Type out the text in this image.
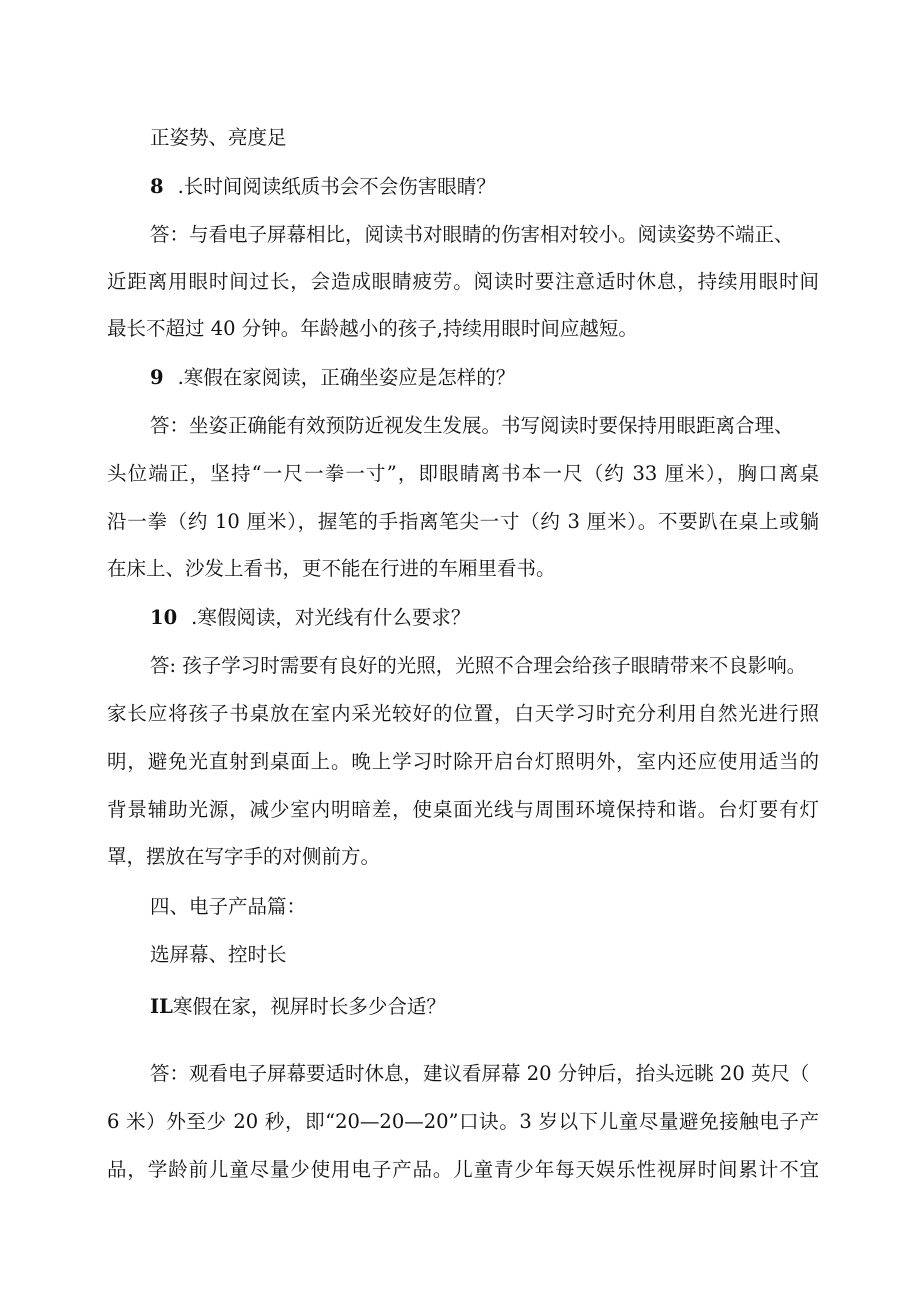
正姿势、亮度足
8 .长时间阅读纸质书会不会伤害眼睛？
答：与看电子屏幕相比，阅读书对眼睛的伤害相对较小。阅读姿势不端正、
近距离用眼时间过长，会造成眼睛疲劳。阅读时要注意适时休息，持续用眼时间
最长不超过 40 分钟。年龄越小的孩子,持续用眼时间应越短。
9 .寒假在家阅读，正确坐姿应是怎样的？
答：坐姿正确能有效预防近视发生发展。书写阅读时要保持用眼距离合理、
头位端正，坚持“一尺一拳一寸”，即眼睛离书本一尺（约 33 厘米），胸口离桌
沿一拳（约 10 厘米），握笔的手指离笔尖一寸（约 3 厘米）。不要趴在桌上或躺
在床上、沙发上看书，更不能在行进的车厢里看书。
10 .寒假阅读，对光线有什么要求？
答: 孩子学习时需要有良好的光照，光照不合理会给孩子眼睛带来不良影响。
家长应将孩子书桌放在室内采光较好的位置，白天学习时充分利用自然光进行照
明，避免光直射到桌面上。晚上学习时除开启台灯照明外，室内还应使用适当的
背景辅助光源，减少室内明暗差，使桌面光线与周围环境保持和谐。台灯要有灯
罩，摆放在写字手的对侧前方。
四、电子产品篇：
选屏幕、控时长
IL寒假在家，视屏时长多少合适？
答：观看电子屏幕要适时休息，建议看屏幕 20 分钟后，抬头远眺 20 英尺（
6 米）外至少 20 秒，即“20—20—20”口诀。3 岁以下儿童尽量避免接触电子产
品，学龄前儿童尽量少使用电子产品。儿童青少年每天娱乐性视屏时间累计不宜
